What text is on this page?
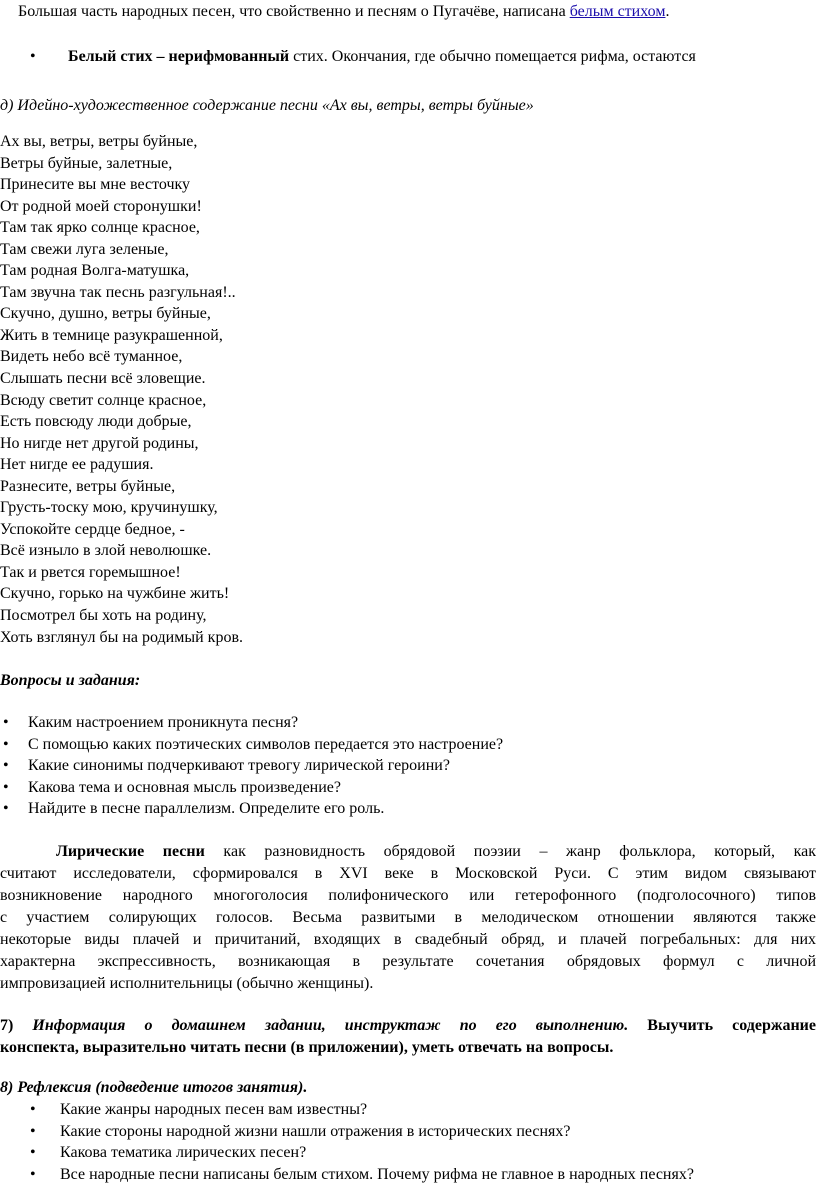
Большая часть народных песен, что свойственно и песням о Пугачёве, написана белым стихом.
• Белый стих – нерифмованный стих. Окончания, где обычно помещается рифма, остаются
д) Идейно-художественное содержание песни «Ах вы, ветры, ветры буйные»
Ах вы, ветры, ветры буйные,
Ветры буйные, залетные,
Принесите вы мне весточку
От родной моей сторонушки!
Там так ярко солнце красное,
Там свежи луга зеленые,
Там родная Волга-матушка,
Там звучна так песнь разгульная!..
Скучно, душно, ветры буйные,
Жить в темнице разукрашенной,
Видеть небо всё туманное,
Слышать песни всё зловещие.
Всюду светит солнце красное,
Есть повсюду люди добрые,
Но нигде нет другой родины,
Нет нигде ее радушия.
Разнесите, ветры буйные,
Грусть-тоску мою, кручинушку,
Успокойте сердце бедное, -
Всё изныло в злой неволюшке.
Так и рвется горемышное!
Скучно, горько на чужбине жить!
Посмотрел бы хоть на родину,
Хоть взглянул бы на родимый кров.
Вопросы и задания:
• Каким настроением проникнута песня?
• С помощью каких поэтических символов передается это настроение?
• Какие синонимы подчеркивают тревогу лирической героини?
• Какова тема и основная мысль произведение?
• Найдите в песне параллелизм. Определите его роль.
Лирические песни как разновидность обрядовой поэзии – жанр фольклора, который, как
считают исследователи, сформировался в XVI веке в Московской Руси. С этим видом связывают
возникновение народного многоголосия полифонического или гетерофонного (подголосочного) типов
с участием солирующих голосов. Весьма развитыми в мелодическом отношении являются также
некоторые виды плачей и причитаний, входящих в свадебный обряд, и плачей погребальных: для них
характерна экспрессивность, возникающая в результате сочетания обрядовых формул с личной
импровизацией исполнительницы (обычно женщины).
7) Информация о домашнем задании, инструктаж по его выполнению. Выучить содержание
конспекта, выразительно читать песни (в приложении), уметь отвечать на вопросы.
8) Рефлексия (подведение итогов занятия).
• Какие жанры народных песен вам известны?
• Какие стороны народной жизни нашли отражения в исторических песнях?
• Какова тематика лирических песен?
• Все народные песни написаны белым стихом. Почему рифма не главное в народных песнях?
